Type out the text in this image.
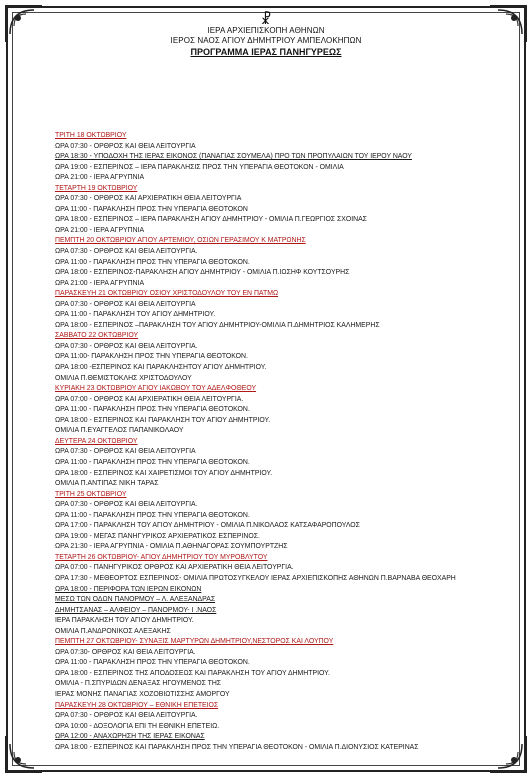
☧
ΙΕΡΑ ΑΡΧΙΕΠΙΣΚΟΠΗ ΑΘΗΝΩΝ
ΙΕΡΟΣ ΝΑΟΣ ΑΓΙΟΥ ΔΗΜΗΤΡΙΟΥ ΑΜΠΕΛΟΚΗΠΩΝ
ΠΡΟΓΡΑΜΜΑ ΙΕΡΑΣ ΠΑΝΗΓΥΡΕΩΣ
ΤΡΙΤΗ 18 ΟΚΤΩΒΡΙΟΥ
ΩΡΑ 07:30 - ΟΡΘΡΟΣ ΚΑΙ ΘΕΙΑ ΛΕΙΤΟΥΡΓΙΑ
ΩΡΑ 18:30 - ΥΠΟΔΟΧΗ ΤΗΣ ΙΕΡΑΣ ΕΙΚΟΝΟΣ (ΠΑΝΑΓΙΑΣ ΣΟΥΜΕΛΑ) ΠΡΟ ΤΩΝ ΠΡΟΠΥΛΑΙΩΝ ΤΟΥ ΙΕΡΟΥ ΝΑΟΥ
ΩΡΑ 19:00 - ΕΣΠΕΡΙΝΟΣ – ΙΕΡΑ ΠΑΡΑΚΛΗΣΙΣ ΠΡΟΣ ΤΗΝ ΥΠΕΡΑΓΙΑ ΘΕΟΤΟΚΟΝ - ΟΜΙΛΙΑ
ΩΡΑ 21:00 - ΙΕΡΑ ΑΓΡΥΠΝΙΑ
ΤΕΤΑΡΤΗ 19 ΟΚΤΩΒΡΙΟΥ
ΩΡΑ 07:30 - ΟΡΘΡΟΣ ΚΑΙ ΑΡΧΙΕΡΑΤΙΚΗ ΘΕΙΑ ΛΕΙΤΟΥΡΓΙΑ
ΩΡΑ 11:00 - ΠΑΡΑΚΛΗΣΗ ΠΡΟΣ ΤΗΝ ΥΠΕΡΑΓΙΑ ΘΕΟΤΟΚΟΝ
ΩΡΑ 18:00 - ΕΣΠΕΡΙΝΟΣ – ΙΕΡΑ ΠΑΡΑΚΛΗΣΗ ΑΓΙΟΥ ΔΗΜΗΤΡΙΟΥ - ΟΜΙΛΙΑ Π.ΓΕΩΡΓΙΟΣ ΣΧΟΙΝΑΣ
ΩΡΑ 21:00 - ΙΕΡΑ ΑΓΡΥΠΝΙΑ
ΠΕΜΠΤΗ 20 ΟΚΤΩΒΡΙΟΥ ΑΓΙΟΥ ΑΡΤΕΜΙΟΥ, ΟΣΙΩΝ ΓΕΡΑΣΙΜΟΥ Κ ΜΑΤΡΩΝΗΣ
ΩΡΑ 07:30 - ΟΡΘΡΟΣ ΚΑΙ ΘΕΙΑ ΛΕΙΤΟΥΡΓΙΑ.
ΩΡΑ 11:00 - ΠΑΡΑΚΛΗΣΗ ΠΡΟΣ ΤΗΝ ΥΠΕΡΑΓΙΑ ΘΕΟΤΟΚΟΝ.
ΩΡΑ 18:00 - ΕΣΠΕΡΙΝΟΣ-ΠΑΡΑΚΛΗΣΗ ΑΓΙΟΥ ΔΗΜΗΤΡΙΟΥ - ΟΜΙΛΙΑ Π.ΙΩΣΗΦ ΚΟΥΤΣΟΥΡΗΣ
ΩΡΑ 21:00 - ΙΕΡΑ ΑΓΡΥΠΝΙΑ
ΠΑΡΑΣΚΕΥΗ 21 ΟΚΤΩΒΡΙΟΥ ΟΣΙΟΥ ΧΡΙΣΤΟΔΟΥΛΟΥ ΤΟΥ ΕΝ ΠΑΤΜΩ
ΩΡΑ 07:30 - ΟΡΘΡΟΣ ΚΑΙ ΘΕΙΑ ΛΕΙΤΟΥΡΓΙΑ
ΩΡΑ 11:00 - ΠΑΡΑΚΛΗΣΗ ΤΟΥ ΑΓΙΟΥ ΔΗΜΗΤΡΙΟΥ.
ΩΡΑ 18:00 - ΕΣΠΕΡΙΝΟΣ –ΠΑΡΑΚΛΗΣΗ ΤΟΥ ΑΓΙΟΥ ΔΗΜΗΤΡΙΟΥ-ΟΜΙΛΙΑ Π.ΔΗΜΗΤΡΙΟΣ ΚΑΛΗΜΕΡΗΣ
ΣΑΒΒΑΤΟ 22 ΟΚΤΩΒΡΙΟΥ
ΩΡΑ 07:30 - ΟΡΘΡΟΣ ΚΑΙ ΘΕΙΑ ΛΕΙΤΟΥΡΓΙΑ.
ΩΡΑ 11:00- ΠΑΡΑΚΛΗΣΗ ΠΡΟΣ ΤΗΝ ΥΠΕΡΑΓΙΑ ΘΕΟΤΟΚΟΝ.
ΩΡΑ 18:00 -ΕΣΠΕΡΙΝΟΣ ΚΑΙ ΠΑΡΑΚΛΗΣΗΤΟΥ ΑΓΙΟΥ ΔΗΜΗΤΡΙΟΥ.
ΟΜΙΛΙΑ Π.ΘΕΜΙΣΤΟΚΛΗΣ ΧΡΙΣΤΟΔΟΥΛΟΥ
ΚΥΡΙΑΚΗ 23 ΟΚΤΩΒΡΙΟΥ ΑΓΙΟΥ ΙΑΚΩΒΟΥ ΤΟΥ ΑΔΕΛΦΟΘΕΟΥ
ΩΡΑ 07:00 - ΟΡΘΡΟΣ ΚΑΙ ΑΡΧΙΕΡΑΤΙΚΗ ΘΕΙΑ ΛΕΙΤΟΥΡΓΙΑ.
ΩΡΑ 11:00 - ΠΑΡΑΚΛΗΣΗ ΠΡΟΣ ΤΗΝ ΥΠΕΡΑΓΙΑ ΘΕΟΤΟΚΟΝ.
ΩΡΑ 18:00 - ΕΣΠΕΡΙΝΟΣ ΚΑΙ ΠΑΡΑΚΛΗΣΗ ΤΟΥ ΑΓΙΟΥ ΔΗΜΗΤΡΙΟΥ.
ΟΜΙΛΙΑ Π.ΕΥΑΓΓΕΛΟΣ ΠΑΠΑΝΙΚΟΛΑΟΥ
ΔΕΥΤΕΡΑ 24 ΟΚΤΩΒΡΙΟΥ
ΩΡΑ 07:30 - ΟΡΘΡΟΣ ΚΑΙ ΘΕΙΑ ΛΕΙΤΟΥΡΓΙΑ
ΩΡΑ 11:00 - ΠΑΡΑΚΛΗΣΗ ΠΡΟΣ ΤΗΝ ΥΠΕΡΑΓΙΑ ΘΕΟΤΟΚΟΝ.
ΩΡΑ 18:00 - ΕΣΠΕΡΙΝΟΣ ΚΑΙ ΧΑΙΡΕΤΙΣΜΟΙ ΤΟΥ ΑΓΙΟΥ ΔΗΜΗΤΡΙΟΥ.
ΟΜΙΛΙΑ Π.ΑΝΤΙΠΑΣ ΝΙΚΗ ΤΑΡΑΣ
ΤΡΙΤΗ 25 ΟΚΤΩΒΡΙΟΥ
ΩΡΑ 07:30 - ΟΡΘΡΟΣ ΚΑΙ ΘΕΙΑ ΛΕΙΤΟΥΡΓΙΑ.
ΩΡΑ 11:00 - ΠΑΡΑΚΛΗΣΗ ΠΡΟΣ ΤΗΝ ΥΠΕΡΑΓΙΑ ΘΕΟΤΟΚΟΝ.
ΩΡΑ 17:00 - ΠΑΡΑΚΛΗΣΗ ΤΟΥ ΑΓΙΟΥ ΔΗΜΗΤΡΙΟΥ - ΟΜΙΛΙΑ Π.ΝΙΚΟΛΑΟΣ ΚΑΤΣΑΦΑΡΟΠΟΥΛΟΣ
ΩΡΑ 19:00 - ΜΕΓΑΣ ΠΑΝΗΓΥΡΙΚΟΣ ΑΡΧΙΕΡΑΤΙΚΟΣ ΕΣΠΕΡΙΝΟΣ.
ΩΡΑ 21:30 - ΙΕΡΑ ΑΓΡΥΠΝΙΑ - ΟΜΙΛΙΑ Π.ΑΘΗΝΑΓΟΡΑΣ ΣΟΥΜΠΟΥΡΤΖΗΣ
ΤΕΤΑΡΤΗ 26 ΟΚΤΩΒΡΙΟΥ- ΑΓΙΟΥ ΔΗΜΗΤΡΙΟΥ ΤΟΥ ΜΥΡΟΒΛΥΤΟΥ
ΩΡΑ 07:00 - ΠΑΝΗΓΥΡΙΚΟΣ ΟΡΘΡΟΣ ΚΑΙ ΑΡΧΙΕΡΑΤΙΚΗ ΘΕΙΑ ΛΕΙΤΟΥΡΓΙΑ.
ΩΡΑ 17:30 - ΜΕΘΕΟΡΤΟΣ ΕΣΠΕΡΙΝΟΣ- ΟΜΙΛΙΑ ΠΡΩΤΟΣΥΓΚΕΛΟΥ ΙΕΡΑΣ ΑΡΧΙΕΠΙΣΚΟΠΗΣ ΑΘΗΝΩΝ Π.ΒΑΡΝΑΒΑ ΘΕΟΧΑΡΗ
ΩΡΑ 18:00 - ΠΕΡΙΦΟΡΑ ΤΩΝ ΙΕΡΩΝ ΕΙΚΟΝΩΝ
ΜΕΣΩ ΤΩΝ ΟΔΩΝ ΠΑΝΟΡΜΟΥ – Λ. ΑΛΕΞΑΝΔΡΑΣ
ΔΗΜΗΤΣΑΝΑΣ – ΑΛΦΕΙΟΥ – ΠΑΝΟΡΜΟΥ- Ι .ΝΑΟΣ
ΙΕΡΑ ΠΑΡΑΚΛΗΣΗ ΤΟΥ ΑΓΙΟΥ ΔΗΜΗΤΡΙΟΥ.
ΟΜΙΛΙΑ Π.ΑΝΔΡΟΝΙΚΟΣ ΑΛΕΞΑΚΗΣ
ΠΕΜΠΤΗ 27 ΟΚΤΩΒΡΙΟΥ- ΣΥΝΑΞΙΣ ΜΑΡΤΥΡΩΝ ΔΗΜΗΤΡΙΟΥ,ΝΕΣΤΟΡΟΣ ΚΑΙ ΛΟΥΠΟΥ
ΩΡΑ 07:30- ΟΡΘΡΟΣ ΚΑΙ ΘΕΙΑ ΛΕΙΤΟΥΡΓΙΑ.
ΩΡΑ 11:00 - ΠΑΡΑΚΛΗΣΗ ΠΡΟΣ ΤΗΝ ΥΠΕΡΑΓΙΑ ΘΕΟΤΟΚΟΝ.
ΩΡΑ 18:00 - ΕΣΠΕΡΙΝΟΣ ΤΗΣ ΑΠΟΔΟΣΕΩΣ ΚΑΙ ΠΑΡΑΚΛΗΣΗ ΤΟΥ ΑΓΙΟΥ ΔΗΜΗΤΡΙΟΥ.
ΟΜΙΛΙΑ - Π.ΣΠΥΡΙΔΩΝ ΔΕΝΑΞΑΣ ΗΓΟΥΜΕΝΟΣ ΤΗΣ
ΙΕΡΑΣ ΜΟΝΗΣ ΠΑΝΑΓΙΑΣ ΧΟΖΟΒΙΩΤΙΣΣΗΣ ΑΜΟΡΓΟΥ
ΠΑΡΑΣΚΕΥΗ 28 ΟΚΤΩΒΡΙΟΥ – ΕΘΝΙΚΗ ΕΠΕΤΕΙΟΣ
ΩΡΑ 07:30 - ΟΡΘΡΟΣ ΚΑΙ ΘΕΙΑ ΛΕΙΤΟΥΡΓΙΑ.
ΩΡΑ 10:00 - ΔΟΞΟΛΟΓΙΑ ΕΠΙ ΤΗ ΕΘΝΙΚΗ ΕΠΕΤΕΙΩ.
ΩΡΑ 12:00 - ΑΝΑΧΩΡΗΣΗ ΤΗΣ ΙΕΡΑΣ ΕΙΚΟΝΑΣ
ΩΡΑ 18:00 - ΕΣΠΕΡΙΝΟΣ ΚΑΙ ΠΑΡΑΚΛΗΣΗ ΠΡΟΣ ΤΗΝ ΥΠΕΡΑΓΙΑ ΘΕΟΤΟΚΟΝ - ΟΜΙΛΙΑ Π.ΔΙΟΝΥΣΙΟΣ ΚΑΤΕΡΙΝΑΣ
